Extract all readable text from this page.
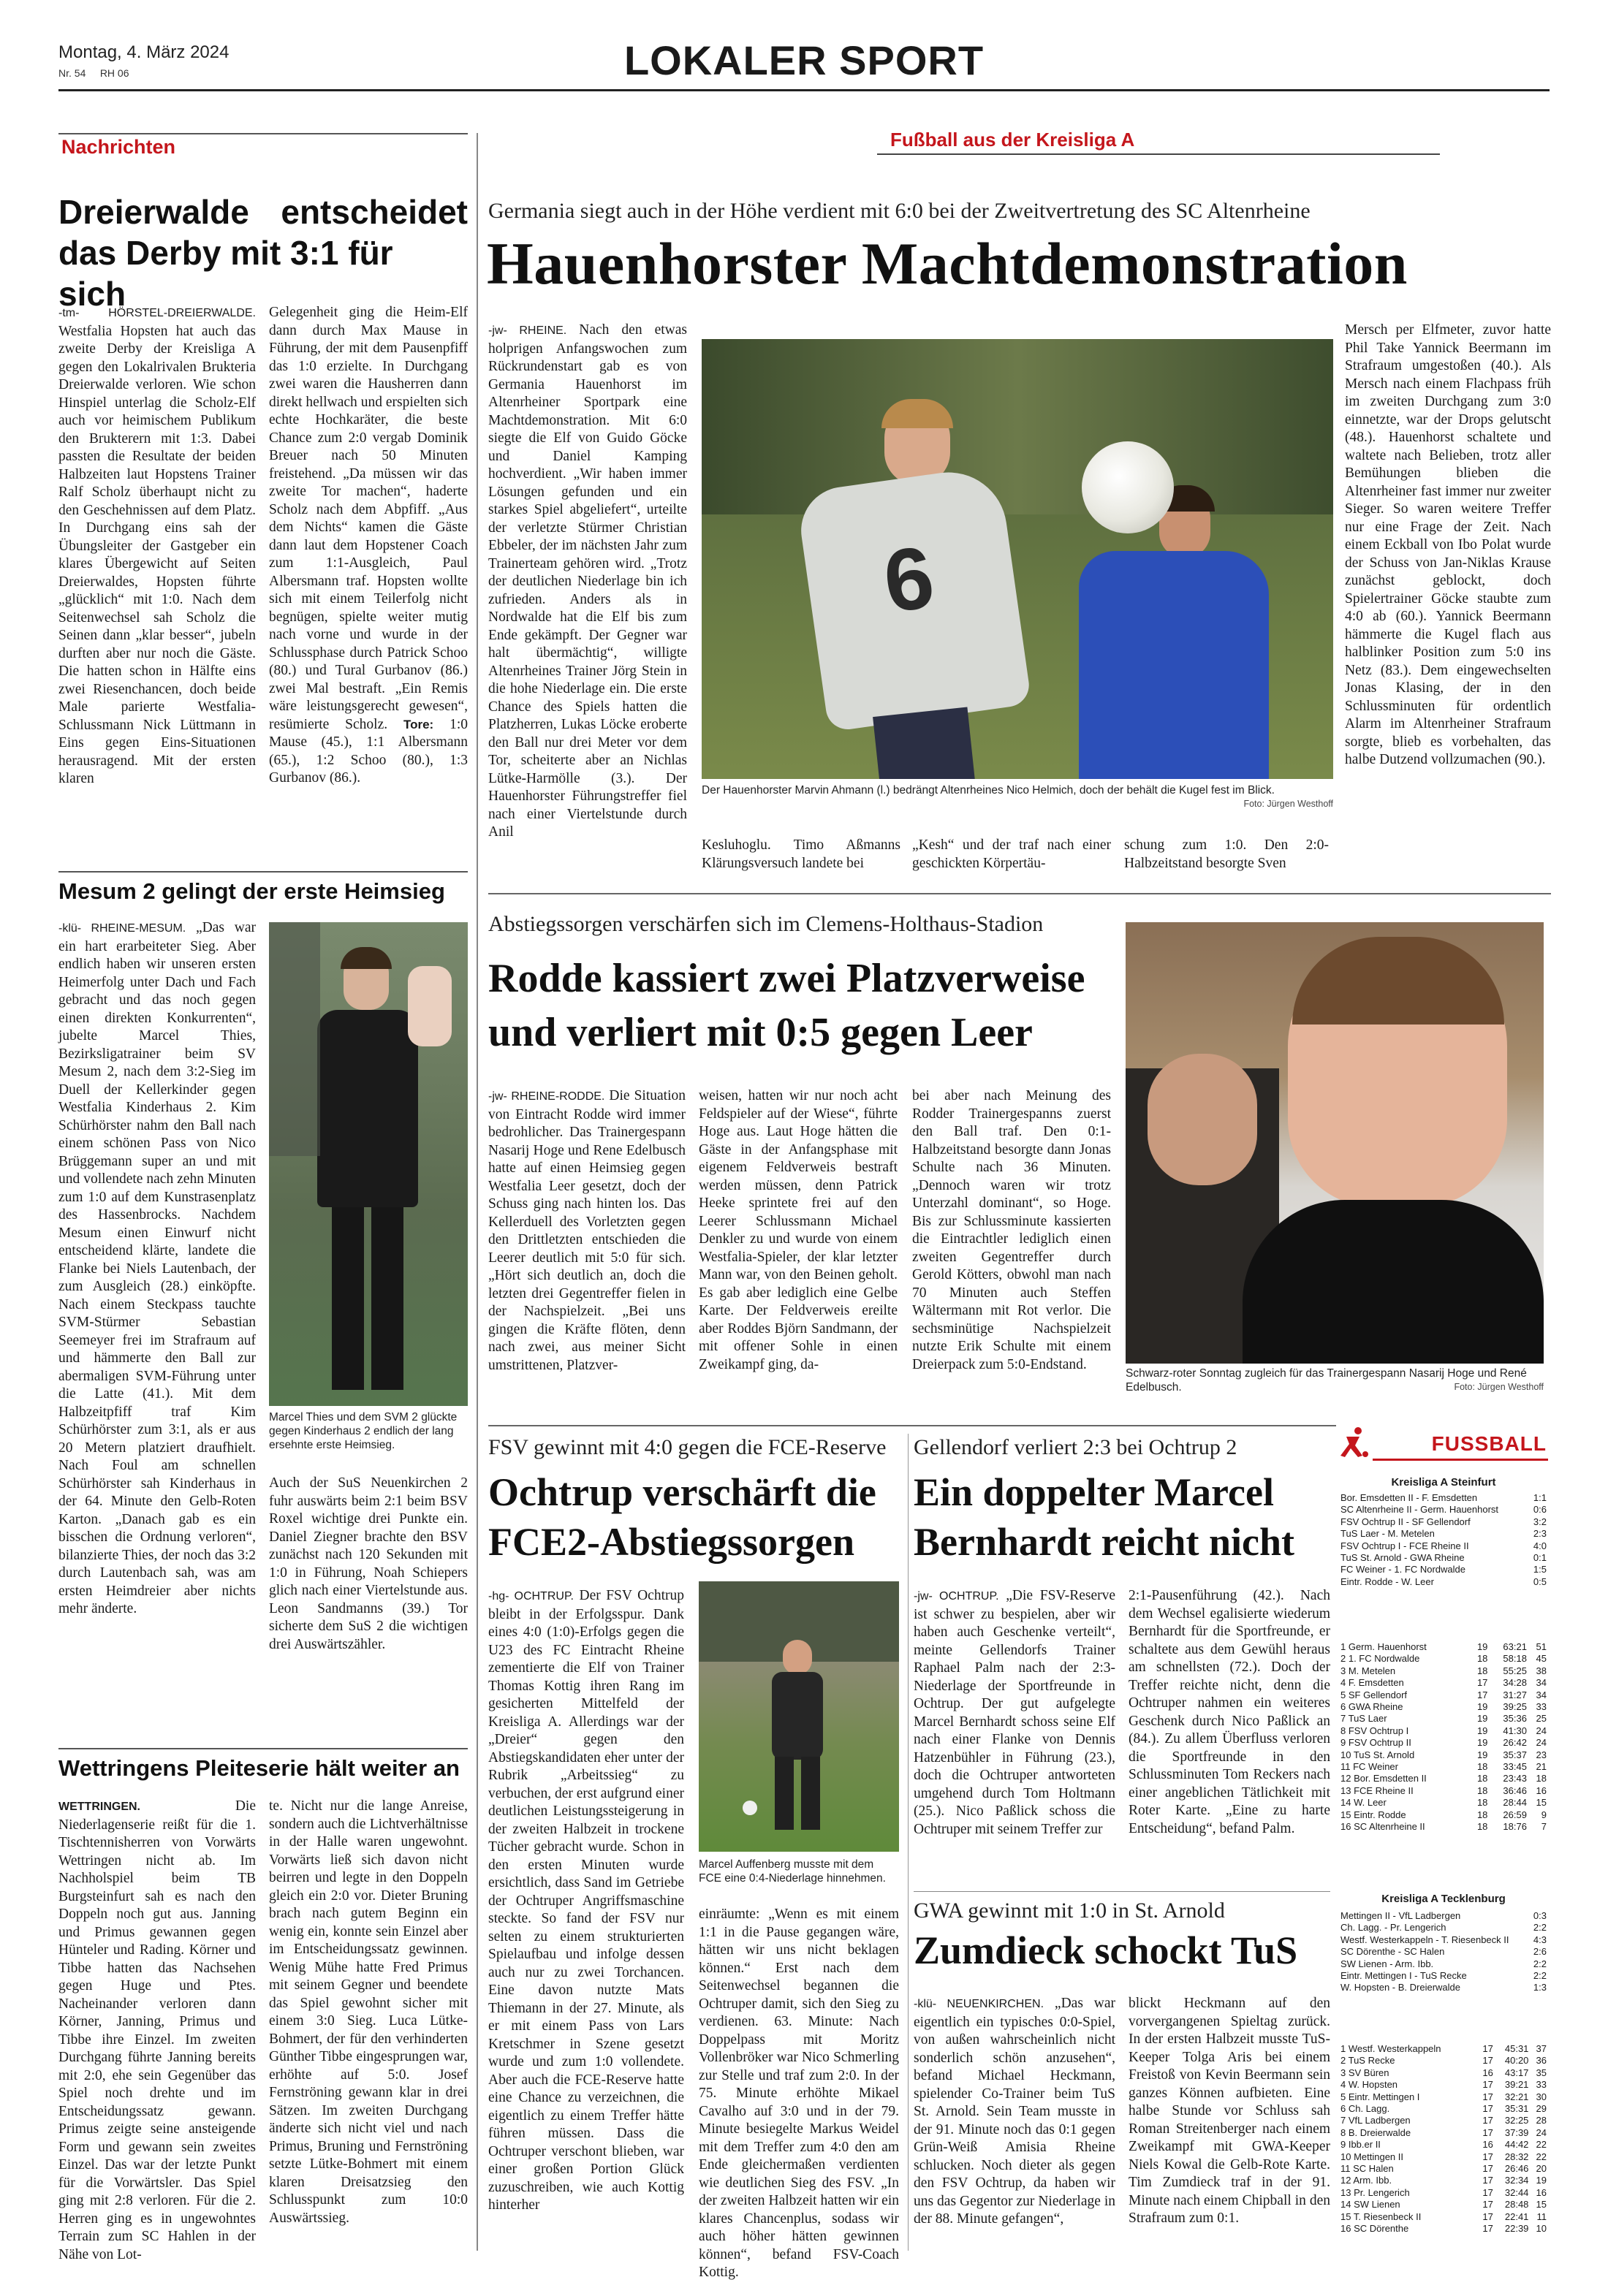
Montag, 4. März 2024
Nr. 54 RH 06	LOKALER SPORT
Nachrichten
Dreierwalde entscheidet
das Derby mit 3:1 für sich
-tm- HÖRSTEL-DREIERWALDE. Westfalia Hopsten hat auch das zweite Derby der Kreisliga A gegen den Lokalrivalen Brukteria Dreierwalde verloren. Wie schon Hinspiel unterlag die Scholz-Elf auch vor heimischem Publikum den Brukterern mit 1:3. Dabei passten die Resultate der beiden Halbzeiten laut Hopstens Trainer Ralf Scholz überhaupt nicht zu den Geschehnissen auf dem Platz. In Durchgang eins sah der Übungsleiter der Gastgeber ein klares Übergewicht auf Seiten Dreierwaldes, Hopsten führte „glücklich“ mit 1:0. Nach dem Seitenwechsel sah Scholz die Seinen dann „klar besser“, jubeln durften aber nur noch die Gäste. Die hatten schon in Hälfte eins zwei Riesenchancen, doch beide Male parierte Westfalia-Schlussmann Nick Lüttmann in Eins gegen Eins-Situationen herausragend. Mit der ersten klaren
Gelegenheit ging die Heim-Elf dann durch Max Mause in Führung, der mit dem Pausenpfiff das 1:0 erzielte. In Durchgang zwei waren die Hausherren dann direkt hellwach und erspielten sich echte Hochkaräter, die beste Chance zum 2:0 vergab Dominik Breuer nach 50 Minuten freistehend. „Da müssen wir das zweite Tor machen“, haderte Scholz nach dem Abpfiff. „Aus dem Nichts“ kamen die Gäste dann laut dem Hopstener Coach zum 1:1-Ausgleich, Paul Albersmann traf. Hopsten wollte sich mit einem Teilerfolg nicht begnügen, spielte weiter mutig nach vorne und wurde in der Schlussphase durch Patrick Schoo (80.) und Tural Gurbanov (86.) zwei Mal bestraft. „Ein Remis wäre leistungsgerecht gewesen“, resümierte Scholz. Tore: 1:0 Mause (45.), 1:1 Albersmann (65.), 1:2 Schoo (80.), 1:3 Gurbanov (86.).
Mesum 2 gelingt der erste Heimsieg
-klü- RHEINE-MESUM. „Das war ein hart erarbeiteter Sieg. Aber endlich haben wir unseren ersten Heimerfolg unter Dach und Fach gebracht und das noch gegen einen direkten Konkurrenten“, jubelte Marcel Thies, Bezirksligatrainer beim SV Mesum 2, nach dem 3:2-Sieg im Duell der Kellerkinder gegen Westfalia Kinderhaus 2. Kim Schürhörster nahm den Ball nach einem schönen Pass von Nico Brüggemann super an und mit und vollendete nach zehn Minuten zum 1:0 auf dem Kunstrasenplatz des Hassenbrocks. Nachdem Mesum einen Einwurf nicht entscheidend klärte, landete die Flanke bei Niels Lautenbach, der zum Ausgleich (28.) einköpfte. Nach einem Steckpass tauchte SVM-Stürmer Sebastian Seemeyer frei im Strafraum auf und hämmerte den Ball zur abermaligen SVM-Führung unter die Latte (41.). Mit dem Halbzeitpfiff traf Kim Schürhörster zum 3:1, als er aus 20 Metern platziert draufhielt. Nach Foul am schnellen Schürhörster sah Kinderhaus in der 64. Minute den Gelb-Roten Karton. „Danach gab es ein bisschen die Ordnung verloren“, bilanzierte Thies, der noch das 3:2 durch Lautenbach sah, was am ersten Heimdreier aber nichts mehr änderte.
Marcel Thies und dem SVM 2 glückte gegen Kinderhaus 2 endlich der lang ersehnte erste Heimsieg.
Auch der SuS Neuenkirchen 2 fuhr auswärts beim 2:1 beim BSV Roxel wichtige drei Punkte ein. Daniel Ziegner brachte den BSV zunächst nach 120 Sekunden mit 1:0 in Führung, Noah Schiepers glich nach einer Viertelstunde aus. Leon Sandmanns (39.) Tor sicherte dem SuS 2 die wichtigen drei Auswärtszähler.
Wettringens Pleiteserie hält weiter an
WETTRINGEN.	Die Niederlagenserie reißt für die 1. Tischtennisherren von Vorwärts Wettringen nicht ab. Im Nachholspiel beim TB Burgsteinfurt sah es nach den Doppeln noch gut aus. Janning und Primus gewannen gegen Hünteler und Rading. Körner und Tibbe hatten das Nachsehen gegen Huge und Ptes. Nacheinander verloren dann Körner, Janning, Primus und Tibbe ihre Einzel. Im zweiten Durchgang führte Janning bereits mit 2:0, ehe sein Gegenüber das Spiel noch drehte und im Entscheidungssatz gewann. Primus zeigte seine ansteigende Form und gewann sein zweites Einzel. Das war der letzte Punkt für die Vorwärtsler. Das Spiel ging mit 2:8 verloren. Für die 2. Herren ging es in ungewohntes Terrain zum SC Hahlen in der Nähe von Lot-
te. Nicht nur die lange Anreise, sondern auch die Lichtverhältnisse in der Halle waren ungewohnt. Vorwärts ließ sich davon nicht beirren und legte in den Doppeln gleich ein 2:0 vor. Dieter Bruning brach nach gutem Beginn ein wenig ein, konnte sein Einzel aber im Entscheidungssatz gewinnen. Wenig Mühe hatte Fred Primus mit seinem Gegner und beendete das Spiel gewohnt sicher mit einem 3:0 Sieg. Luca Lütke-Bohmert, der für den verhinderten Günther Tibbe eingesprungen war, erhöhte auf 5:0. Josef Fernströning gewann klar in drei Sätzen. Im zweiten Durchgang änderte sich nicht viel und nach Primus, Bruning und Fernströning setzte Lütke-Bohmert mit einem klaren Dreisatzsieg den Schlusspunkt zum 10:0 Auswärtssieg.
Fußball aus der Kreisliga A
Germania siegt auch in der Höhe verdient mit 6:0 bei der Zweitvertretung des SC Altenrheine
Hauenhorster Machtdemonstration
-jw- RHEINE. Nach den etwas holprigen Anfangswochen zum Rückrundenstart gab es von Germania Hauenhorst im Altenrheiner Sportpark eine Machtdemonstration. Mit 6:0 siegte die Elf von Guido Göcke und Daniel Kamping hochverdient. „Wir haben immer Lösungen gefunden und ein starkes Spiel abgeliefert“, urteilte der verletzte Stürmer Christian Ebbeler, der im nächsten Jahr zum Trainerteam gehören wird. „Trotz der deutlichen Niederlage bin ich zufrieden. Anders als in Nordwalde hat die Elf bis zum Ende gekämpft. Der Gegner war halt übermächtig“, willigte Altenrheines Trainer Jörg Stein in die hohe Niederlage ein. Die erste Chance des Spiels hatten die Platzherren, Lukas Löcke eroberte den Ball nur drei Meter vor dem Tor, scheiterte aber an Nichlas Lütke-Harmölle (3.). Der Hauenhorster Führungstreffer fiel nach einer Viertelstunde durch Anil
6
Der Hauenhorster Marvin Ahmann (l.) bedrängt Altenrheines Nico Helmich, doch der behält die Kugel fest im Blick.
Foto: Jürgen Westhoff
Kesluhoglu. Timo Aßmanns Klärungsversuch landete bei
„Kesh“ und der traf nach einer geschickten Körpertäu-
schung zum 1:0. Den 2:0-Halbzeitstand besorgte Sven
Mersch per Elfmeter, zuvor hatte Phil Take Yannick Beermann im Strafraum umgestoßen (40.). Als Mersch nach einem Flachpass früh im zweiten Durchgang zum 3:0 einnetzte, war der Drops gelutscht (48.). Hauenhorst schaltete und waltete nach Belieben, trotz aller Bemühungen blieben die Altenrheiner fast immer nur zweiter Sieger. So waren weitere Treffer nur eine Frage der Zeit. Nach einem Eckball von Ibo Polat wurde der Schuss von Jan-Niklas Krause zunächst geblockt, doch Spielertrainer Göcke staubte zum 4:0 ab (60.). Yannick Beermann hämmerte die Kugel flach aus halblinker Position zum 5:0 ins Netz (83.). Dem eingewechselten Jonas Klasing, der in den Schlussminuten für ordentlich Alarm im Altenrheiner Strafraum sorgte, blieb es vorbehalten, das halbe Dutzend vollzumachen (90.).
Abstiegssorgen verschärfen sich im Clemens-Holthaus-Stadion
Rodde kassiert zwei Platzverweise
und verliert mit 0:5 gegen Leer
-jw- RHEINE-RODDE. Die Situation von Eintracht Rodde wird immer bedrohlicher. Das Trainergespann Nasarij Hoge und Rene Edelbusch hatte auf einen Heimsieg gegen Westfalia Leer gesetzt, doch der Schuss ging nach hinten los. Das Kellerduell des Vorletzten gegen den Drittletzten entschieden die Leerer deutlich mit 5:0 für sich. „Hört sich deutlich an, doch die letzten drei Gegentreffer fielen in der Nachspielzeit. „Bei uns gingen die Kräfte flöten, denn nach zwei, aus meiner Sicht umstrittenen, Platzver-
weisen, hatten wir nur noch acht Feldspieler auf der Wiese“, führte Hoge aus. Laut Hoge hätten die Gäste in der Anfangsphase mit eigenem Feldverweis bestraft werden müssen, denn Patrick Heeke sprintete frei auf den Leerer Schlussmann Michael Denkler zu und wurde von einem Westfalia-Spieler, der klar letzter Mann war, von den Beinen geholt. Es gab aber lediglich eine Gelbe Karte. Der Feldverweis ereilte aber Roddes Björn Sandmann, der mit offener Sohle in einen Zweikampf ging, da-
bei aber nach Meinung des Rodder Trainergespanns zuerst den Ball traf. Den 0:1-Halbzeitstand besorgte dann Jonas Schulte nach 36 Minuten. „Dennoch waren wir trotz Unterzahl dominant“, so Hoge. Bis zur Schlussminute kassierten die Eintrachtler lediglich einen zweiten Gegentreffer durch Gerold Kötters, obwohl man nach 70 Minuten auch Steffen Wältermann mit Rot verlor. Die sechsminütige Nachspielzeit nutzte Erik Schulte mit einem Dreierpack zum 5:0-Endstand.
Schwarz-roter Sonntag zugleich für das Trainergespann Nasarij Hoge und René Edelbusch.	Foto: Jürgen Westhoff
FSV gewinnt mit 4:0 gegen die FCE-Reserve
Ochtrup verschärft die
FCE2-Abstiegssorgen
-hg- OCHTRUP. Der FSV Ochtrup bleibt in der Erfolgsspur. Dank eines 4:0 (1:0)-Erfolgs gegen die U23 des FC Eintracht Rheine zementierte die Elf von Trainer Thomas Kottig ihren Rang im gesicherten Mittelfeld der Kreisliga A. Allerdings war der „Dreier“ gegen den Abstiegskandidaten eher unter der Rubrik „Arbeitssieg“ zu verbuchen, der erst aufgrund einer deutlichen Leistungssteigerung in der zweiten Halbzeit in trockene Tücher gebracht wurde. Schon in den ersten Minuten wurde ersichtlich, dass Sand im Getriebe der Ochtruper Angriffsmaschine steckte. So fand der FSV nur selten zu einem strukturierten Spielaufbau und infolge dessen auch nur zu zwei Torchancen. Eine davon nutzte Mats Thiemann in der 27. Minute, als er mit einem Pass von Lars Kretschmer in Szene gesetzt wurde und zum 1:0 vollendete. Aber auch die FCE-Reserve hatte eine Chance zu verzeichnen, die eigentlich zu einem Treffer hätte führen müssen. Dass die Ochtruper verschont blieben, war einer großen Portion Glück zuzuschreiben, wie auch Kottig hinterher
Marcel Auffenberg musste mit dem FCE eine 0:4-Niederlage hinnehmen.
einräumte: „Wenn es mit einem 1:1 in die Pause gegangen wäre, hätten wir uns nicht beklagen können.“ Erst nach dem Seitenwechsel begannen die Ochtruper damit, sich den Sieg zu verdienen. 63. Minute: Nach Doppelpass mit Moritz Vollenbröker war Nico Schmerling zur Stelle und traf zum 2:0. In der 75. Minute erhöhte Mikael Cavalho auf 3:0 und in der 79. Minute besiegelte Markus Weidel mit dem Treffer zum 4:0 den am Ende gleichermaßen verdienten wie deutlichen Sieg des FSV. „In der zweiten Halbzeit hatten wir ein klares Chancenplus, sodass wir auch höher hätten gewinnen können“, befand FSV-Coach Kottig.
Gellendorf verliert 2:3 bei Ochtrup 2
Ein doppelter Marcel
Bernhardt reicht nicht
-jw- OCHTRUP. „Die FSV-Reserve ist schwer zu bespielen, aber wir haben auch Geschenke verteilt“, meinte Gellendorfs Trainer Raphael Palm nach der 2:3-Niederlage der Sportfreunde in Ochtrup. Der gut aufgelegte Marcel Bernhardt schoss seine Elf nach einer Flanke von Dennis Hatzenbühler in Führung (23.), doch die Ochtruper antworteten umgehend durch Tom Holtmann (25.). Nico Paßlick schoss die Ochtruper mit seinem Treffer zur
2:1-Pausenführung (42.). Nach dem Wechsel egalisierte wiederum Bernhardt für die Sportfreunde, er schaltete aus dem Gewühl heraus am schnellsten (72.). Doch der Treffer reichte nicht, denn die Ochtruper nahmen ein weiteres Geschenk durch Nico Paßlick an (84.). Zu allem Überfluss verloren die Sportfreunde in den Schlussminuten Tom Reckers nach einer angeblichen Tätlichkeit mit Roter Karte. „Eine zu harte Entscheidung“, befand Palm.
GWA gewinnt mit 1:0 in St. Arnold
Zumdieck schockt TuS
-klü- NEUENKIRCHEN. „Das war eigentlich ein typisches 0:0-Spiel, von außen wahrscheinlich nicht sonderlich schön anzusehen“, befand Michael Heckmann, spielender Co-Trainer beim TuS St. Arnold. Sein Team musste in der 91. Minute noch das 0:1 gegen Grün-Weiß Amisia Rheine schlucken. Noch dieter als gegen den FSV Ochtrup, da haben wir uns das Gegentor zur Niederlage in der 88. Minute gefangen“,
blickt Heckmann auf den vorvergangenen Spieltag zurück. In der ersten Halbzeit musste TuS-Keeper Tolga Aris bei einem Freistoß von Kevin Beermann sein ganzes Können aufbieten. Eine halbe Stunde vor Schluss sah Roman Streitenberger nach einem Zweikampf mit GWA-Keeper Niels Kowal die Gelb-Rote Karte. Tim Zumdieck traf in der 91. Minute nach einem Chipball in den Strafraum zum 0:1.
FUSSBALL
Kreisliga A Steinfurt
Bor. Emsdetten II - F. Emsdetten	1:1
SC Altenrheine II - Germ. Hauenhorst	0:6
FSV Ochtrup II - SF Gellendorf	3:2
TuS Laer - M. Metelen	2:3
FSV Ochtrup I - FCE Rheine II	4:0
TuS St. Arnold - GWA Rheine	0:1
FC Weiner - 1. FC Nordwalde	1:5
Eintr. Rodde - W. Leer	0:5
1 Germ. Hauenhorst	19	63:21	51
2 1. FC Nordwalde	18	58:18	45
3 M. Metelen	18	55:25	38
4 F. Emsdetten	17	34:28	34
5 SF Gellendorf	17	31:27	34
6 GWA Rheine	19	39:25	33
7 TuS Laer	19	35:36	25
8 FSV Ochtrup I	19	41:30	24
9 FSV Ochtrup II	19	26:42	24
10 TuS St. Arnold	19	35:37	23
11 FC Weiner	18	33:45	21
12 Bor. Emsdetten II	18	23:43	18
13 FCE Rheine II	18	36:46	16
14 W. Leer	18	28:44	15
15 Eintr. Rodde	18	26:59	9
16 SC Altenrheine II	18	18:76	7
Kreisliga A Tecklenburg
Mettingen II - VfL Ladbergen	0:3
Ch. Lagg. - Pr. Lengerich	2:2
Westf. Westerkappeln - T. Riesenbeck II	4:3
SC Dörenthe - SC Halen	2:6
SW Lienen - Arm. Ibb.	2:2
Eintr. Mettingen I - TuS Recke	2:2
W. Hopsten - B. Dreierwalde	1:3
1 Westf. Westerkappeln	17	45:31	37
2 TuS Recke	17	40:20	36
3 SV Büren	16	43:17	35
4 W. Hopsten	17	39:21	33
5 Eintr. Mettingen I	17	32:21	30
6 Ch. Lagg.	17	35:31	29
7 VfL Ladbergen	17	32:25	28
8 B. Dreierwalde	17	37:39	24
9 Ibb.er II	16	44:42	22
10 Mettingen II	17	28:32	22
11 SC Halen	17	26:46	20
12 Arm. Ibb.	17	32:34	19
13 Pr. Lengerich	17	32:44	16
14 SW Lienen	17	28:48	15
15 T. Riesenbeck II	17	22:41	11
16 SC Dörenthe	17	22:39	10
